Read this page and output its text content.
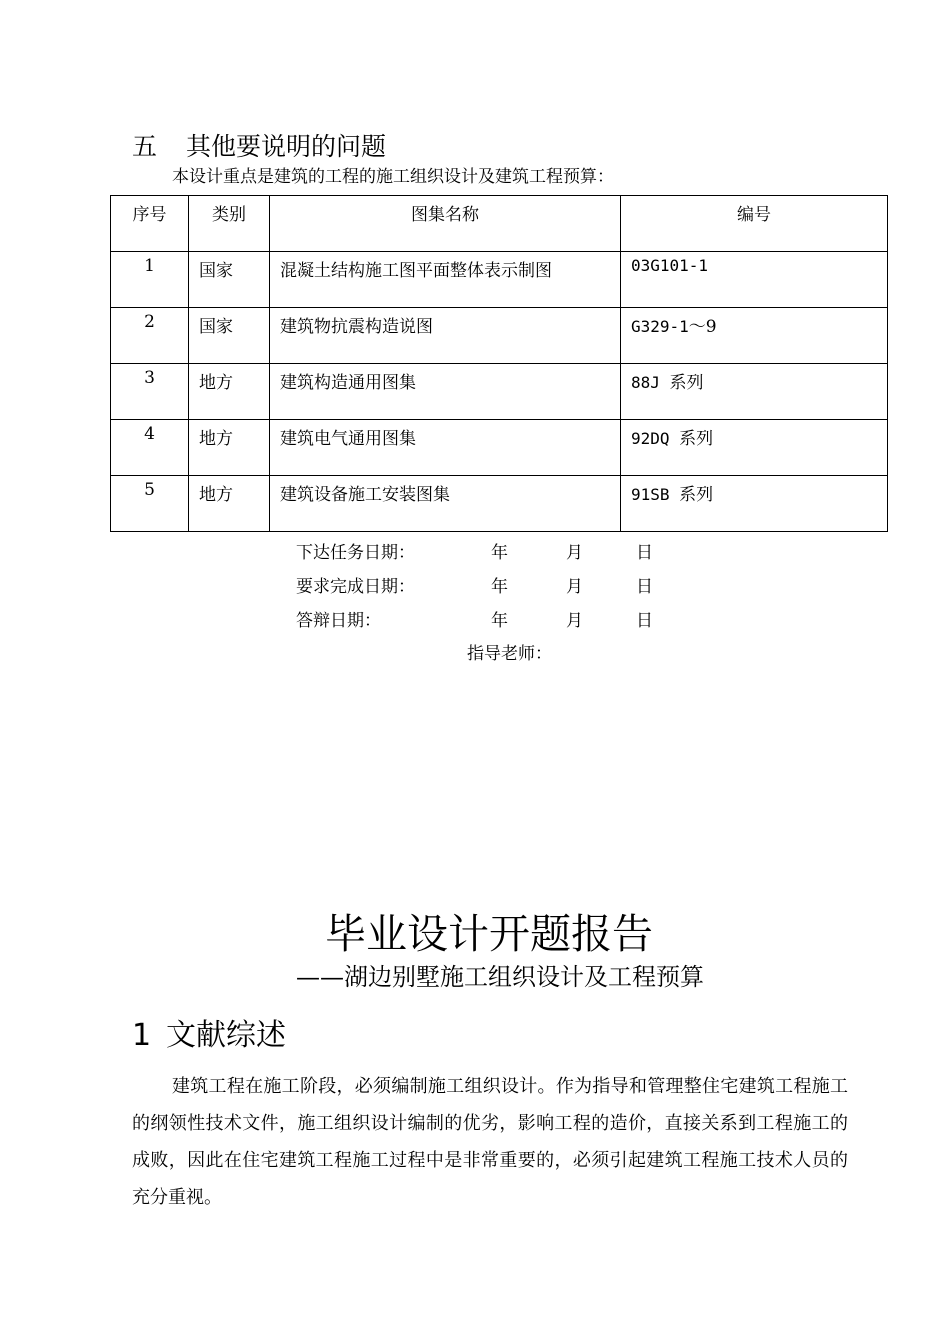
五 其他要说明的问题
本设计重点是建筑的工程的施工组织设计及建筑工程预算：
序号	类别	图集名称	编号
1	国家	混凝土结构施工图平面整体表示制图	03G101-1
2	国家	建筑物抗震构造说图	G329-1～9
3	地方	建筑构造通用图集	88J 系列
4	地方	建筑电气通用图集	92DQ 系列
5	地方	建筑设备施工安装图集	91SB 系列
下达任务日期：	年	月	日
要求完成日期：	年	月	日
答辩日期：	年	月	日
指导老师：
毕业设计开题报告
——湖边别墅施工组织设计及工程预算
1 文献综述
建筑工程在施工阶段，必须编制施工组织设计。作为指导和管理整住宅建筑工程施工的纲领性技术文件，施工组织设计编制的优劣，影响工程的造价，直接关系到工程施工的成败，因此在住宅建筑工程施工过程中是非常重要的，必须引起建筑工程施工技术人员的充分重视。
